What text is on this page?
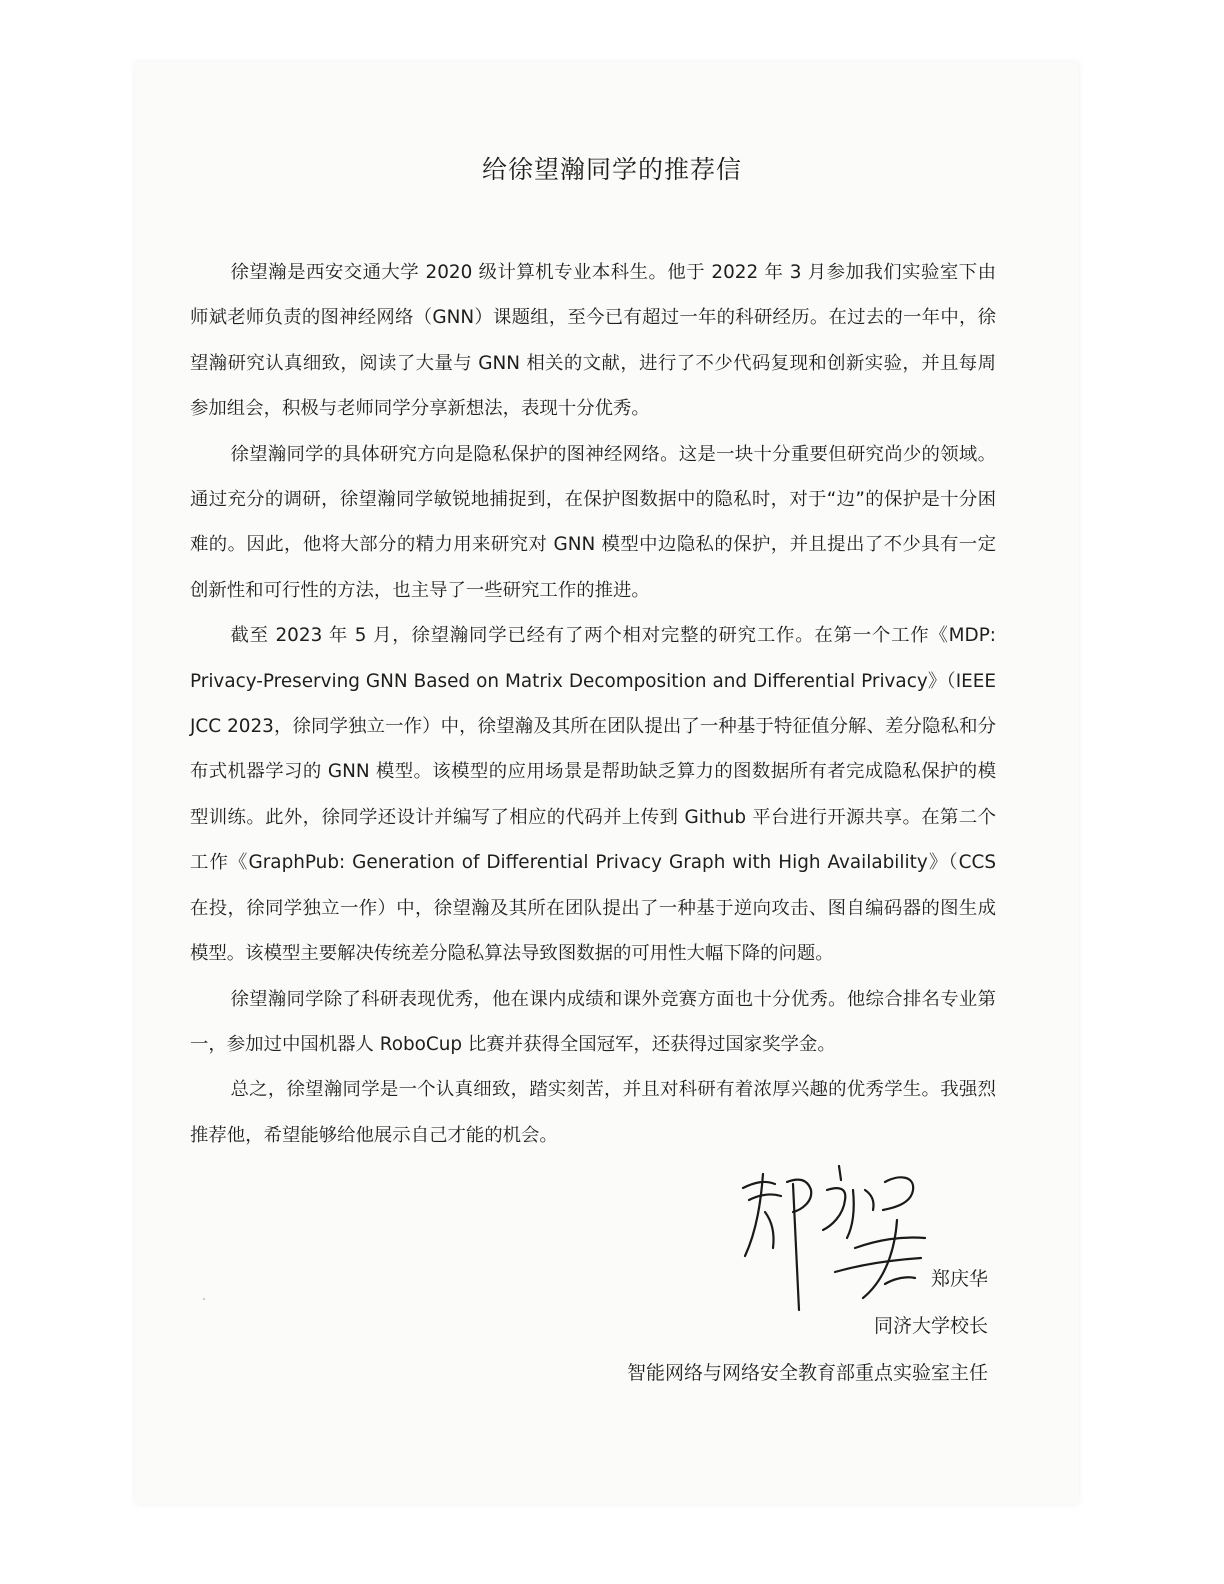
给徐望瀚同学的推荐信

徐望瀚是西安交通大学 2020 级计算机专业本科生。他于 2022 年 3 月参加我们实验室下由师斌老师负责的图神经网络（GNN）课题组，至今已有超过一年的科研经历。在过去的一年中，徐望瀚研究认真细致，阅读了大量与 GNN 相关的文献，进行了不少代码复现和创新实验，并且每周参加组会，积极与老师同学分享新想法，表现十分优秀。

徐望瀚同学的具体研究方向是隐私保护的图神经网络。这是一块十分重要但研究尚少的领域。通过充分的调研，徐望瀚同学敏锐地捕捉到，在保护图数据中的隐私时，对于“边”的保护是十分困难的。因此，他将大部分的精力用来研究对 GNN 模型中边隐私的保护，并且提出了不少具有一定创新性和可行性的方法，也主导了一些研究工作的推进。

截至 2023 年 5 月，徐望瀚同学已经有了两个相对完整的研究工作。在第一个工作《MDP: Privacy-Preserving GNN Based on Matrix Decomposition and Differential Privacy》（IEEE JCC 2023，徐同学独立一作）中，徐望瀚及其所在团队提出了一种基于特征值分解、差分隐私和分布式机器学习的 GNN 模型。该模型的应用场景是帮助缺乏算力的图数据所有者完成隐私保护的模型训练。此外，徐同学还设计并编写了相应的代码并上传到 Github 平台进行开源共享。在第二个工作《GraphPub: Generation of Differential Privacy Graph with High Availability》（CCS 在投，徐同学独立一作）中，徐望瀚及其所在团队提出了一种基于逆向攻击、图自编码器的图生成模型。该模型主要解决传统差分隐私算法导致图数据的可用性大幅下降的问题。

徐望瀚同学除了科研表现优秀，他在课内成绩和课外竞赛方面也十分优秀。他综合排名专业第一，参加过中国机器人 RoboCup 比赛并获得全国冠军，还获得过国家奖学金。

总之，徐望瀚同学是一个认真细致，踏实刻苦，并且对科研有着浓厚兴趣的优秀学生。我强烈推荐他，希望能够给他展示自己才能的机会。

郑庆华
同济大学校长
智能网络与网络安全教育部重点实验室主任
